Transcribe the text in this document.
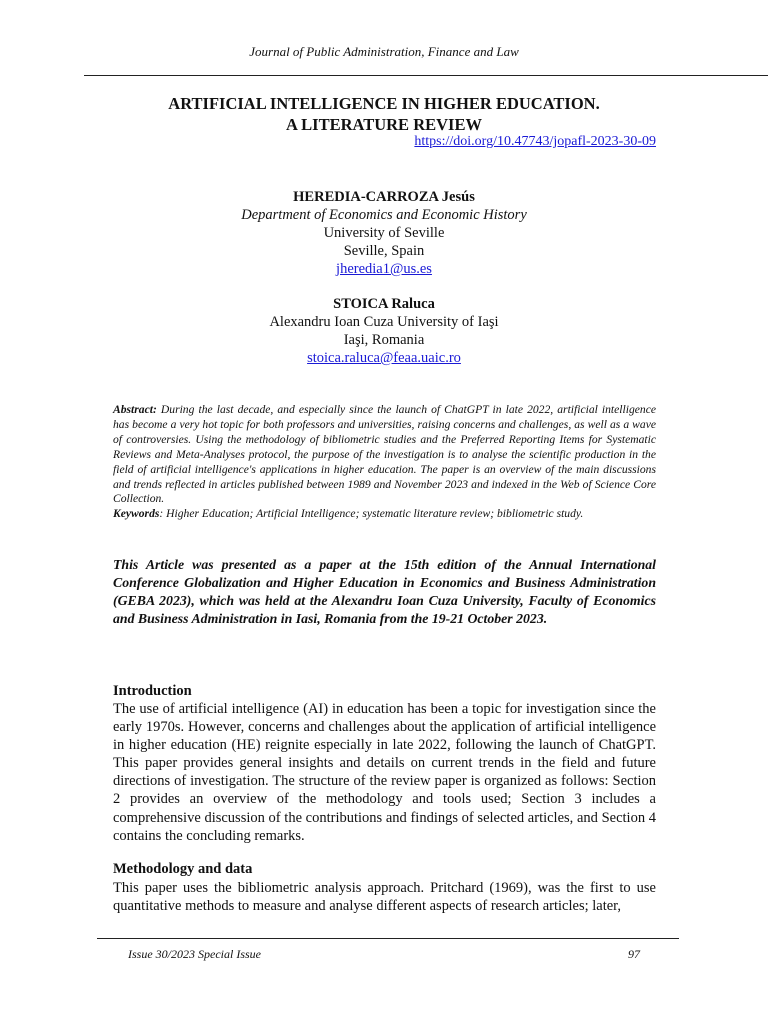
Journal of Public Administration, Finance and Law
ARTIFICIAL INTELLIGENCE IN HIGHER EDUCATION.
A LITERATURE REVIEW
https://doi.org/10.47743/jopafl-2023-30-09
HEREDIA-CARROZA Jesús
Department of Economics and Economic History
University of Seville
Seville, Spain
jheredia1@us.es
STOICA Raluca
Alexandru Ioan Cuza University of Iaşi
Iaşi, Romania
stoica.raluca@feaa.uaic.ro

Abstract: During the last decade, and especially since the launch of ChatGPT in late 2022, artificial intelligence has become a very hot topic for both professors and universities, raising concerns and challenges, as well as a wave of controversies. Using the methodology of bibliometric studies and the Preferred Reporting Items for Systematic Reviews and Meta-Analyses protocol, the purpose of the investigation is to analyse the scientific production in the field of artificial intelligence's applications in higher education. The paper is an overview of the main discussions and trends reflected in articles published between 1989 and November 2023 and indexed in the Web of Science Core Collection.

Keywords: Higher Education; Artificial Intelligence; systematic literature review; bibliometric study.

This Article was presented as a paper at the 15th edition of the Annual International Conference Globalization and Higher Education in Economics and Business Administration (GEBA 2023), which was held at the Alexandru Ioan Cuza University, Faculty of Economics and Business Administration in Iasi, Romania from the 19-21 October 2023.
Introduction
The use of artificial intelligence (AI) in education has been a topic for investigation since the early 1970s. However, concerns and challenges about the application of artificial intelligence in higher education (HE) reignite especially in late 2022, following the launch of ChatGPT. This paper provides general insights and details on current trends in the field and future directions of investigation. The structure of the review paper is organized as follows: Section 2 provides an overview of the methodology and tools used; Section 3 includes a comprehensive discussion of the contributions and findings of selected articles, and Section 4 contains the concluding remarks.
Methodology and data
This paper uses the bibliometric analysis approach. Pritchard (1969), was the first to use quantitative methods to measure and analyse different aspects of research articles; later,
Issue 30/2023 Special Issue	97
